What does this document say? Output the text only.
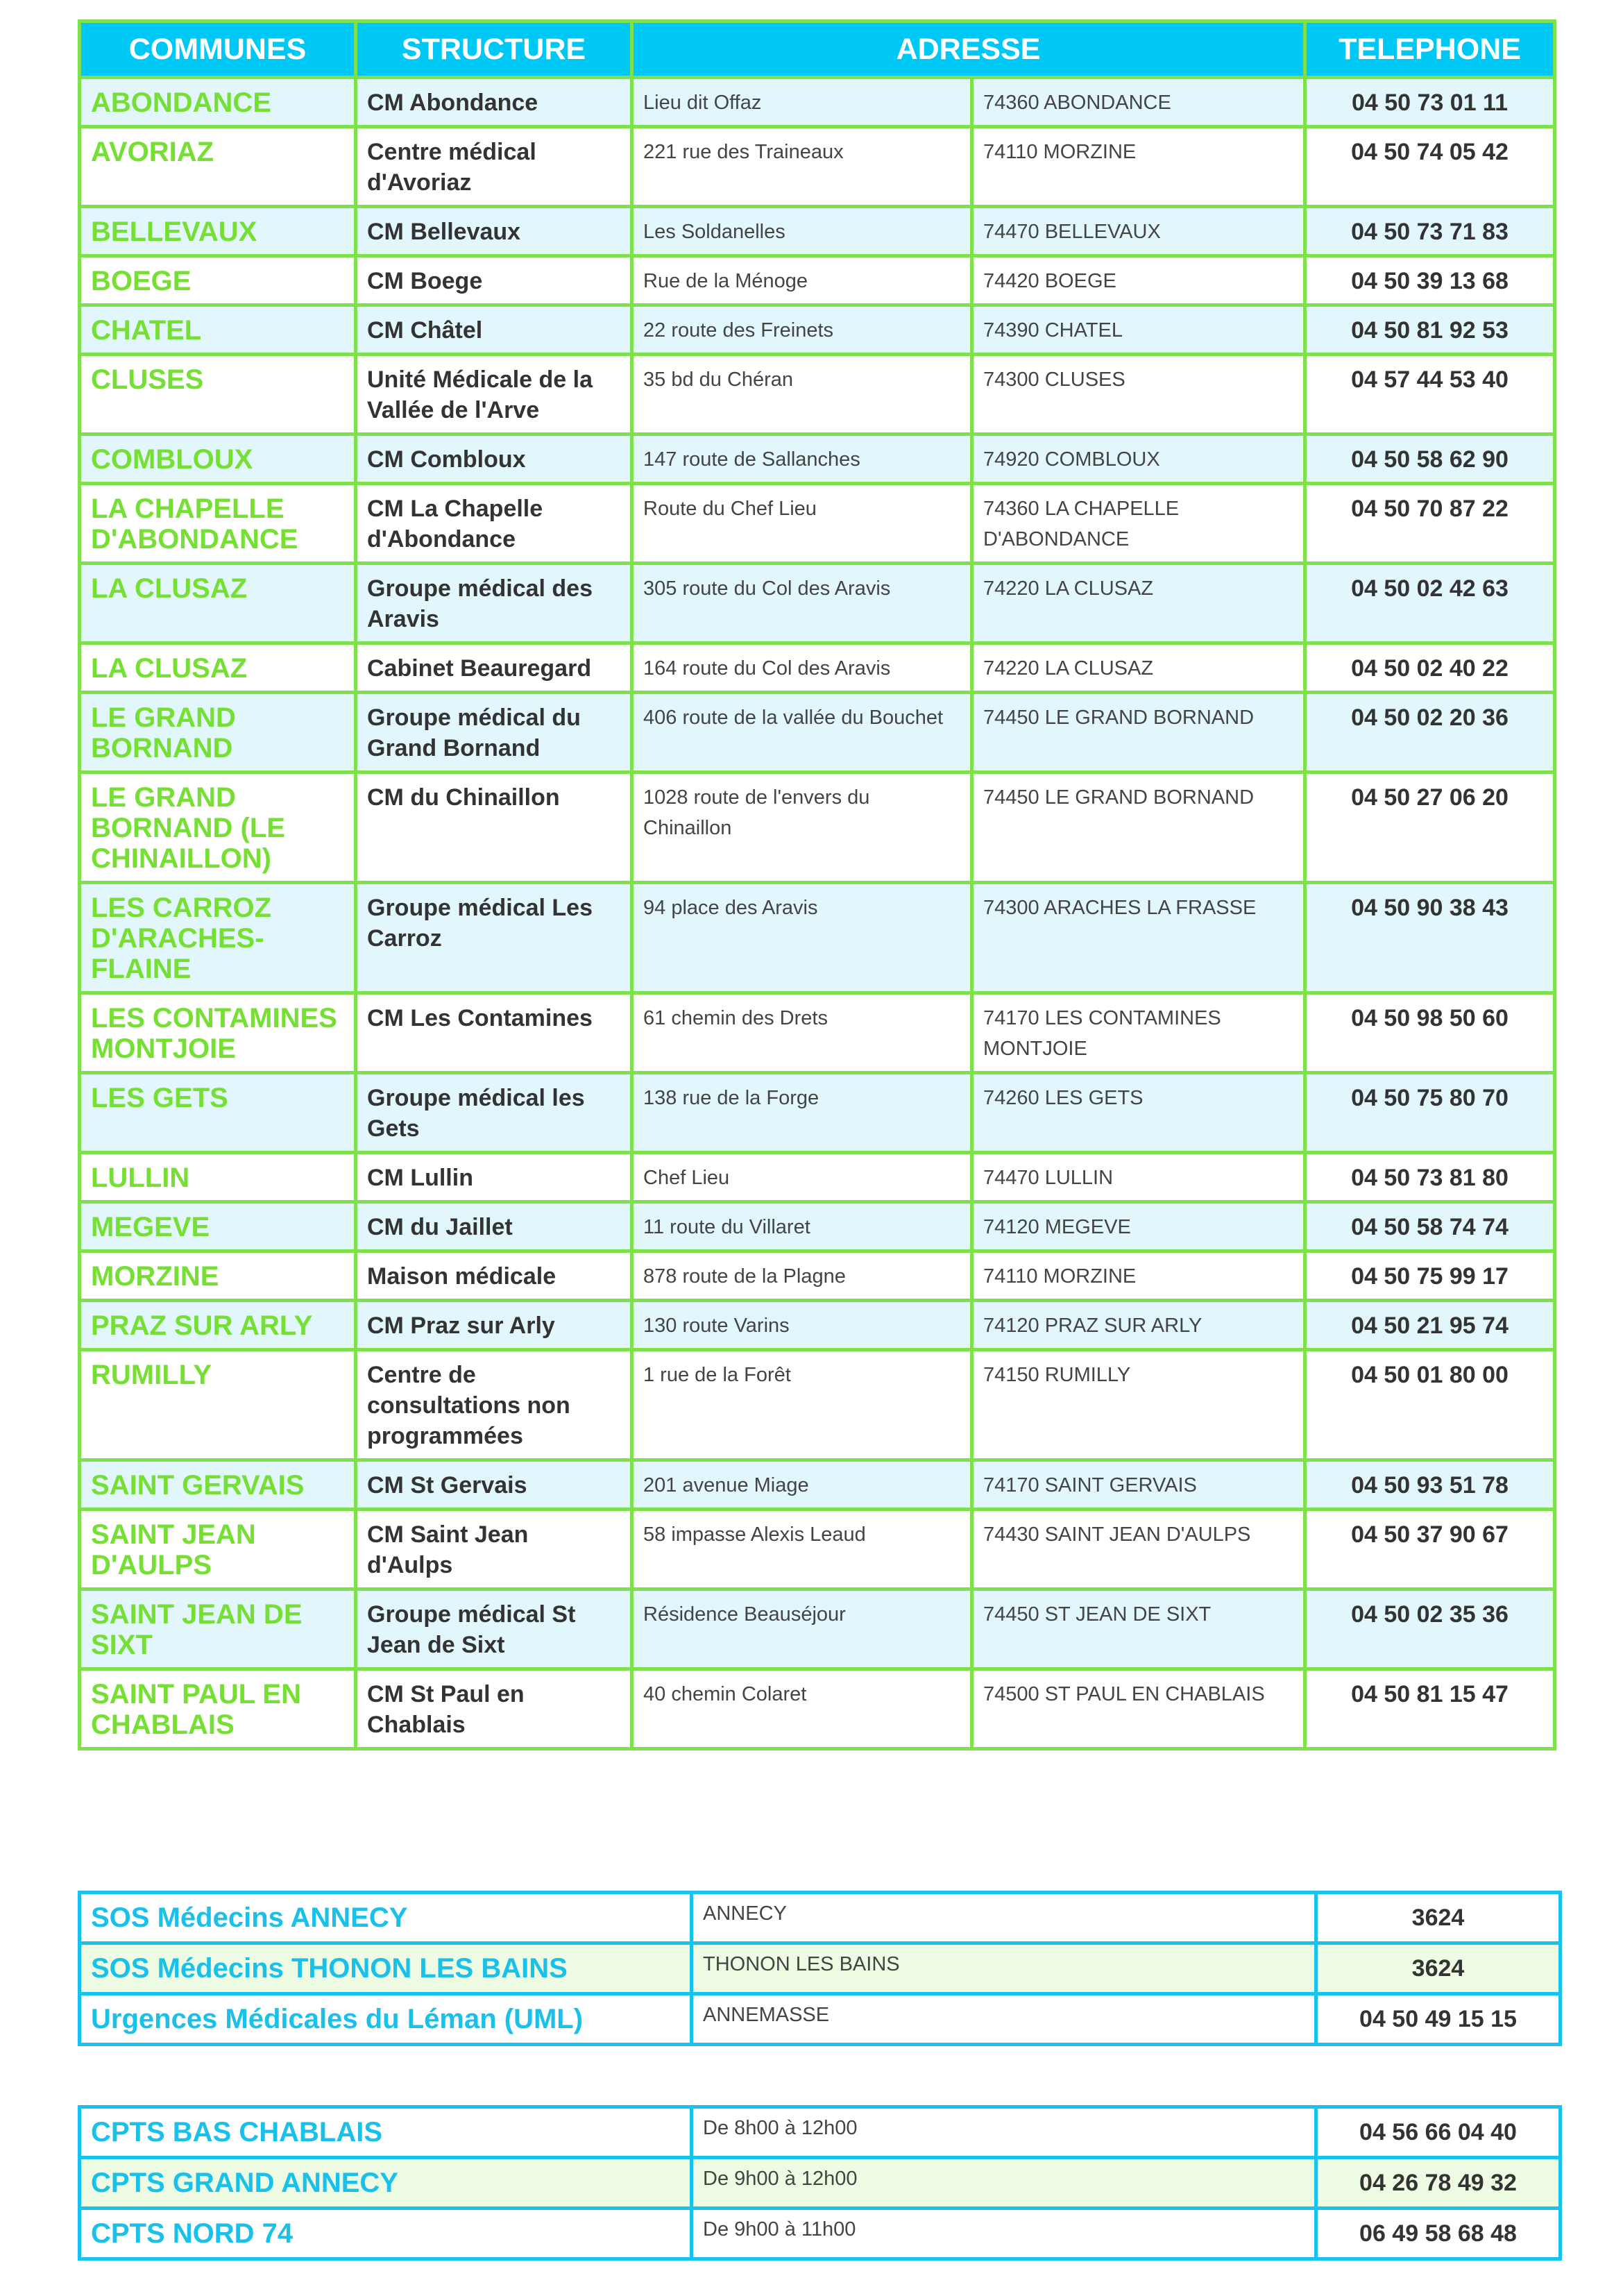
COMMUNES	STRUCTURE	ADRESSE		TELEPHONE
ABONDANCE	CM Abondance	Lieu dit Offaz	74360 ABONDANCE	04 50 73 01 11
AVORIAZ	Centre médical d'Avoriaz	221 rue des Traineaux	74110 MORZINE	04 50 74 05 42
BELLEVAUX	CM Bellevaux	Les Soldanelles	74470 BELLEVAUX	04 50 73 71 83
BOEGE	CM Boege	Rue de la Ménoge	74420 BOEGE	04 50 39 13 68
CHATEL	CM Châtel	22 route des Freinets	74390 CHATEL	04 50 81 92 53
CLUSES	Unité Médicale de la Vallée de l'Arve	35 bd du Chéran	74300 CLUSES	04 57 44 53 40
COMBLOUX	CM Combloux	147 route de Sallanches	74920 COMBLOUX	04 50 58 62 90
LA CHAPELLE D'ABONDANCE	CM La Chapelle d'Abondance	Route du Chef Lieu	74360 LA CHAPELLE D'ABONDANCE	04 50 70 87 22
LA CLUSAZ	Groupe médical des Aravis	305 route du Col des Aravis	74220 LA CLUSAZ	04 50 02 42 63
LA CLUSAZ	Cabinet Beauregard	164 route du Col des Aravis	74220 LA CLUSAZ	04 50 02 40 22
LE GRAND BORNAND	Groupe médical du Grand Bornand	406 route de la vallée du Bouchet	74450 LE GRAND BORNAND	04 50 02 20 36
LE GRAND BORNAND (LE CHINAILLON)	CM du Chinaillon	1028 route de l'envers du Chinaillon	74450 LE GRAND BORNAND	04 50 27 06 20
LES CARROZ D'ARACHES-FLAINE	Groupe médical Les Carroz	94 place des Aravis	74300 ARACHES LA FRASSE	04 50 90 38 43
LES CONTAMINES MONTJOIE	CM Les Contamines	61 chemin des Drets	74170 LES CONTAMINES MONTJOIE	04 50 98 50 60
LES GETS	Groupe médical les Gets	138 rue de la Forge	74260 LES GETS	04 50 75 80 70
LULLIN	CM Lullin	Chef Lieu	74470 LULLIN	04 50 73 81 80
MEGEVE	CM du Jaillet	11 route du Villaret	74120 MEGEVE	04 50 58 74 74
MORZINE	Maison médicale	878 route de la Plagne	74110 MORZINE	04 50 75 99 17
PRAZ SUR ARLY	CM Praz sur Arly	130 route Varins	74120 PRAZ SUR ARLY	04 50 21 95 74
RUMILLY	Centre de consultations non programmées	1 rue de la Forêt	74150 RUMILLY	04 50 01 80 00
SAINT GERVAIS	CM St Gervais	201 avenue Miage	74170 SAINT GERVAIS	04 50 93 51 78
SAINT JEAN D'AULPS	CM Saint Jean d'Aulps	58 impasse Alexis Leaud	74430 SAINT JEAN D'AULPS	04 50 37 90 67
SAINT JEAN DE SIXT	Groupe médical St Jean de Sixt	Résidence Beauséjour	74450 ST JEAN DE SIXT	04 50 02 35 36
SAINT PAUL EN CHABLAIS	CM St Paul en Chablais	40 chemin Colaret	74500 ST PAUL EN CHABLAIS	04 50 81 15 47
SOS Médecins ANNECY	ANNECY	3624
SOS Médecins THONON LES BAINS	THONON LES BAINS	3624
Urgences Médicales du Léman (UML)	ANNEMASSE	04 50 49 15 15
CPTS BAS CHABLAIS	De 8h00 à 12h00	04 56 66 04 40
CPTS GRAND ANNECY	De 9h00 à 12h00	04 26 78 49 32
CPTS NORD 74	De 9h00 à 11h00	06 49 58 68 48
